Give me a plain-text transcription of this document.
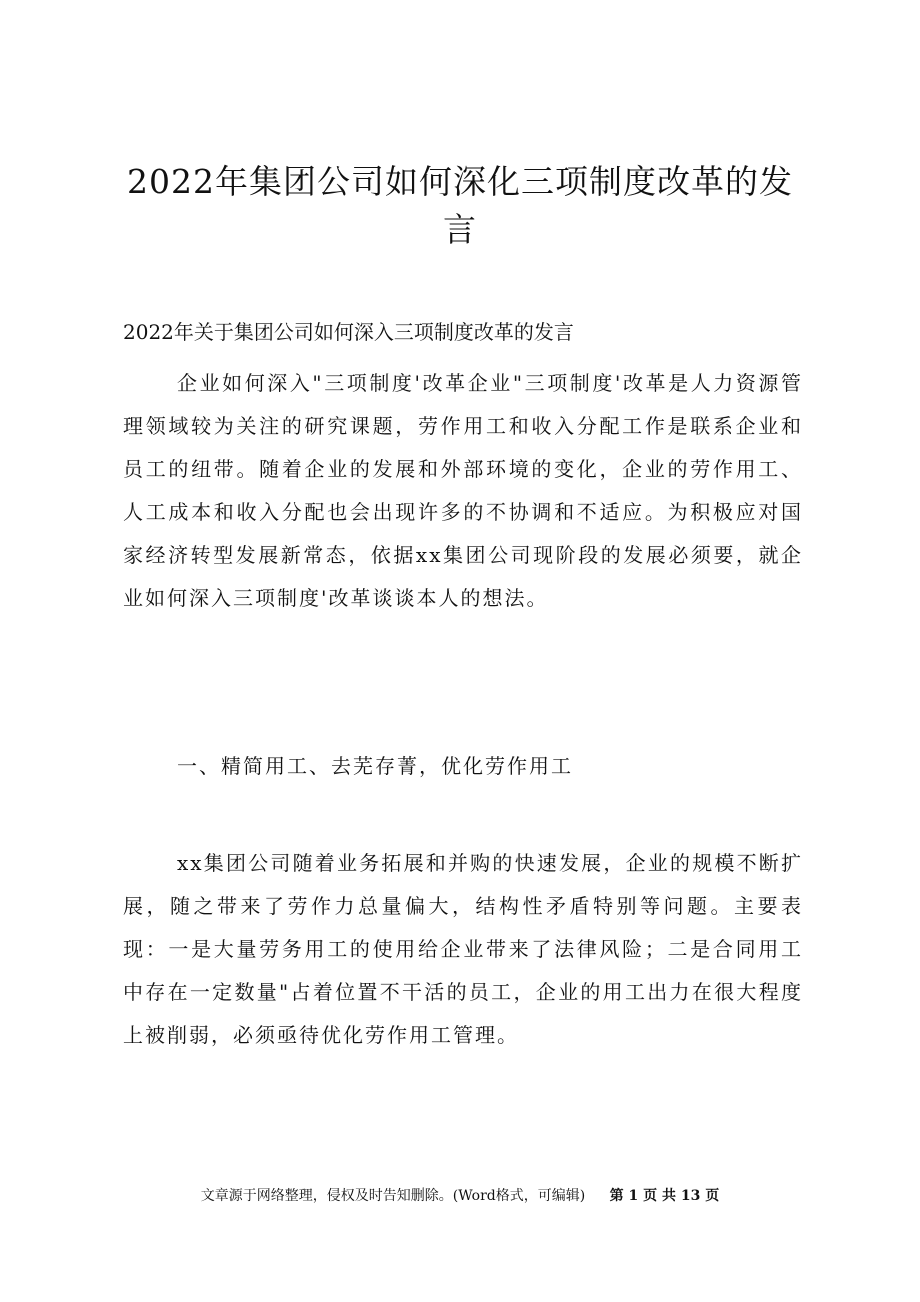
2022年集团公司如何深化三项制度改革的发言

2022年关于集团公司如何深入三项制度改革的发言

企业如何深入"三项制度'改革企业"三项制度'改革是人力资源管理领域较为关注的研究课题，劳作用工和收入分配工作是联系企业和员工的纽带。随着企业的发展和外部环境的变化，企业的劳作用工、人工成本和收入分配也会出现许多的不协调和不适应。为积极应对国家经济转型发展新常态，依据xx集团公司现阶段的发展必须要，就企业如何深入三项制度'改革谈谈本人的想法。

一、精简用工、去芜存菁，优化劳作用工

xx集团公司随着业务拓展和并购的快速发展，企业的规模不断扩展，随之带来了劳作力总量偏大，结构性矛盾特别等问题。主要表现：一是大量劳务用工的使用给企业带来了法律风险；二是合同用工中存在一定数量"占着位置不干活的员工，企业的用工出力在很大程度上被削弱，必须亟待优化劳作用工管理。

文章源于网络整理，侵权及时告知删除。(Word格式，可编辑) 第 1 页 共 13 页
